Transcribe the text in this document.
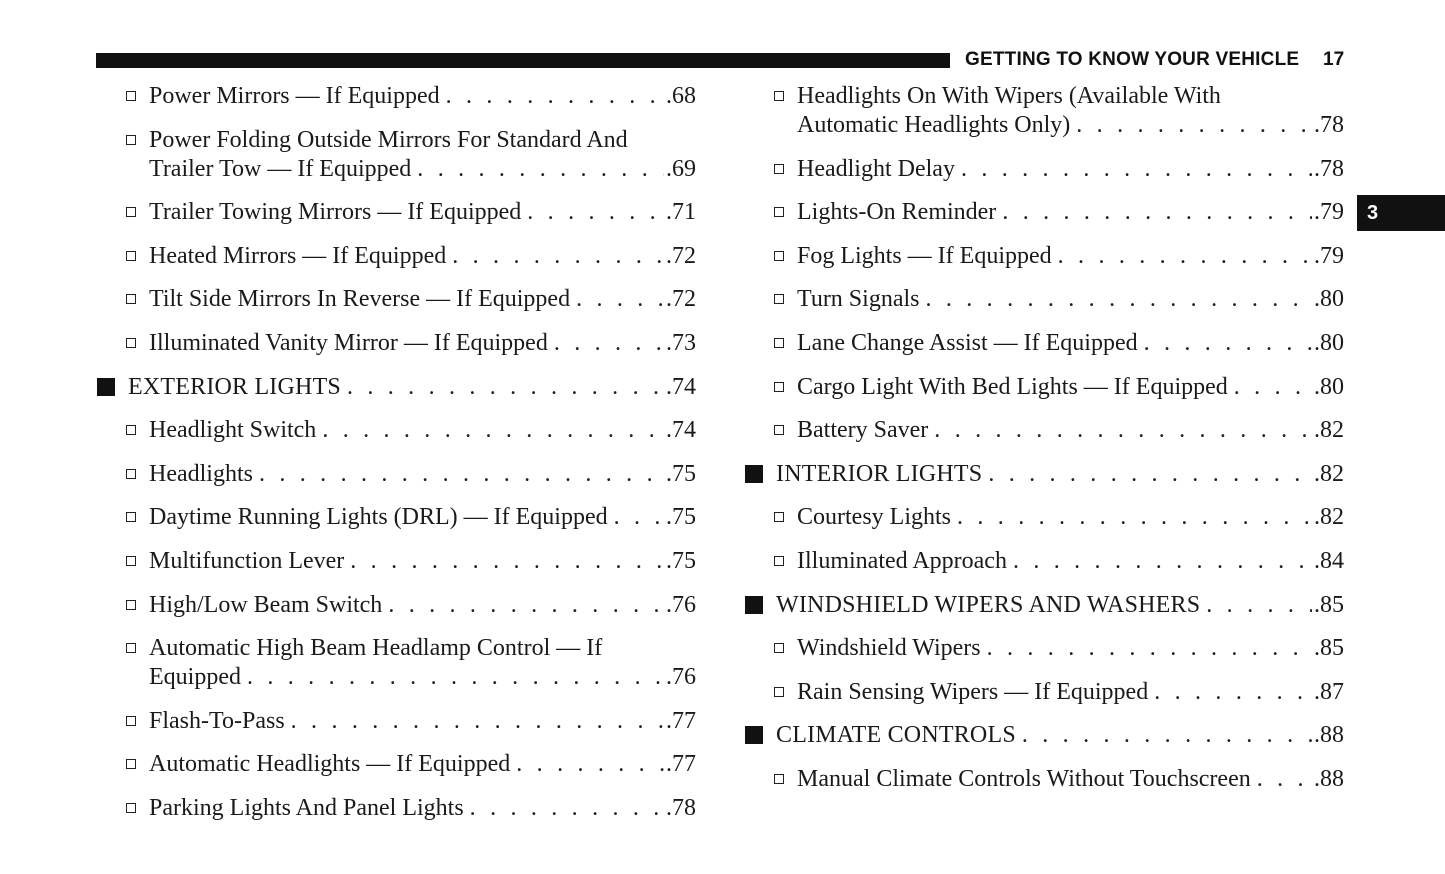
GETTING TO KNOW YOUR VEHICLE 17
3
Power Mirrors — If Equipped . . .	.68
Power Folding Outside Mirrors For Standard And
Trailer Tow — If Equipped . . .	.69
Trailer Towing Mirrors — If Equipped . . .	.71
Heated Mirrors — If Equipped . . .	.72
Tilt Side Mirrors In Reverse — If Equipped . . .	.72
Illuminated Vanity Mirror — If Equipped . . .	.73
EXTERIOR LIGHTS . . .	.74
Headlight Switch . . .	.74
Headlights . . .	.75
Daytime Running Lights (DRL) — If Equipped . . . .75
Multifunction Lever . . .	.75
High/Low Beam Switch . . .	.76
Automatic High Beam Headlamp Control — If
Equipped . . .	.76
Flash-To-Pass . . .	.77
Automatic Headlights — If Equipped . . .	.77
Parking Lights And Panel Lights . . .	.78
Headlights On With Wipers (Available With
Automatic Headlights Only) . . .	.78
Headlight Delay . . .	.78
Lights-On Reminder . . .	.79
Fog Lights — If Equipped . . .	.79
Turn Signals . . .	.80
Lane Change Assist — If Equipped . . .	.80
Cargo Light With Bed Lights — If Equipped . . .	.80
Battery Saver . . .	.82
INTERIOR LIGHTS . . .	.82
Courtesy Lights . . .	.82
Illuminated Approach . . .	.84
WINDSHIELD WIPERS AND WASHERS . . .	.85
Windshield Wipers . . .	.85
Rain Sensing Wipers — If Equipped . . .	.87
CLIMATE CONTROLS . . .	.88
Manual Climate Controls Without Touchscreen . . .	.88
